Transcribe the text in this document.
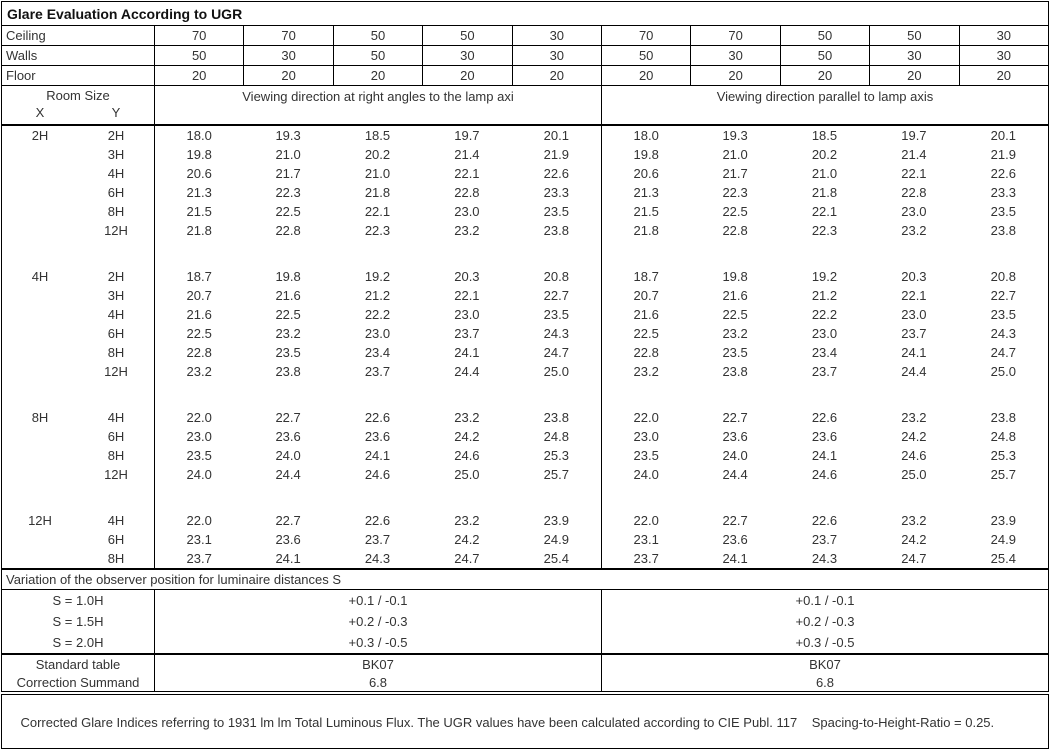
Glare Evaluation According to UGR
Ceiling	70	70	50	50	30	70	70	50	50	30
Walls	50	30	50	30	30	50	30	50	30	30
Floor	20	20	20	20	20	20	20	20	20	20
Room Size
X	Y
Viewing direction at right angles to the lamp axi	Viewing direction parallel to lamp axis
2H	2H	18.0	19.3	18.5	19.7	20.1	18.0	19.3	18.5	19.7	20.1
3H	19.8	21.0	20.2	21.4	21.9	19.8	21.0	20.2	21.4	21.9
4H	20.6	21.7	21.0	22.1	22.6	20.6	21.7	21.0	22.1	22.6
6H	21.3	22.3	21.8	22.8	23.3	21.3	22.3	21.8	22.8	23.3
8H	21.5	22.5	22.1	23.0	23.5	21.5	22.5	22.1	23.0	23.5
12H	21.8	22.8	22.3	23.2	23.8	21.8	22.8	22.3	23.2	23.8
4H	2H	18.7	19.8	19.2	20.3	20.8	18.7	19.8	19.2	20.3	20.8
3H	20.7	21.6	21.2	22.1	22.7	20.7	21.6	21.2	22.1	22.7
4H	21.6	22.5	22.2	23.0	23.5	21.6	22.5	22.2	23.0	23.5
6H	22.5	23.2	23.0	23.7	24.3	22.5	23.2	23.0	23.7	24.3
8H	22.8	23.5	23.4	24.1	24.7	22.8	23.5	23.4	24.1	24.7
12H	23.2	23.8	23.7	24.4	25.0	23.2	23.8	23.7	24.4	25.0
8H	4H	22.0	22.7	22.6	23.2	23.8	22.0	22.7	22.6	23.2	23.8
6H	23.0	23.6	23.6	24.2	24.8	23.0	23.6	23.6	24.2	24.8
8H	23.5	24.0	24.1	24.6	25.3	23.5	24.0	24.1	24.6	25.3
12H	24.0	24.4	24.6	25.0	25.7	24.0	24.4	24.6	25.0	25.7
12H	4H	22.0	22.7	22.6	23.2	23.9	22.0	22.7	22.6	23.2	23.9
6H	23.1	23.6	23.7	24.2	24.9	23.1	23.6	23.7	24.2	24.9
8H	23.7	24.1	24.3	24.7	25.4	23.7	24.1	24.3	24.7	25.4
Variation of the observer position for luminaire distances S
S = 1.0H	+0.1 / -0.1	+0.1 / -0.1
S = 1.5H	+0.2 / -0.3	+0.2 / -0.3
S = 2.0H	+0.3 / -0.5	+0.3 / -0.5
Standard table	BK07	BK07
Correction Summand	6.8	6.8

Corrected Glare Indices referring to 1931 lm lm Total Luminous Flux. The UGR values have been calculated according to CIE Publ. 117    Spacing-to-Height-Ratio = 0.25.
